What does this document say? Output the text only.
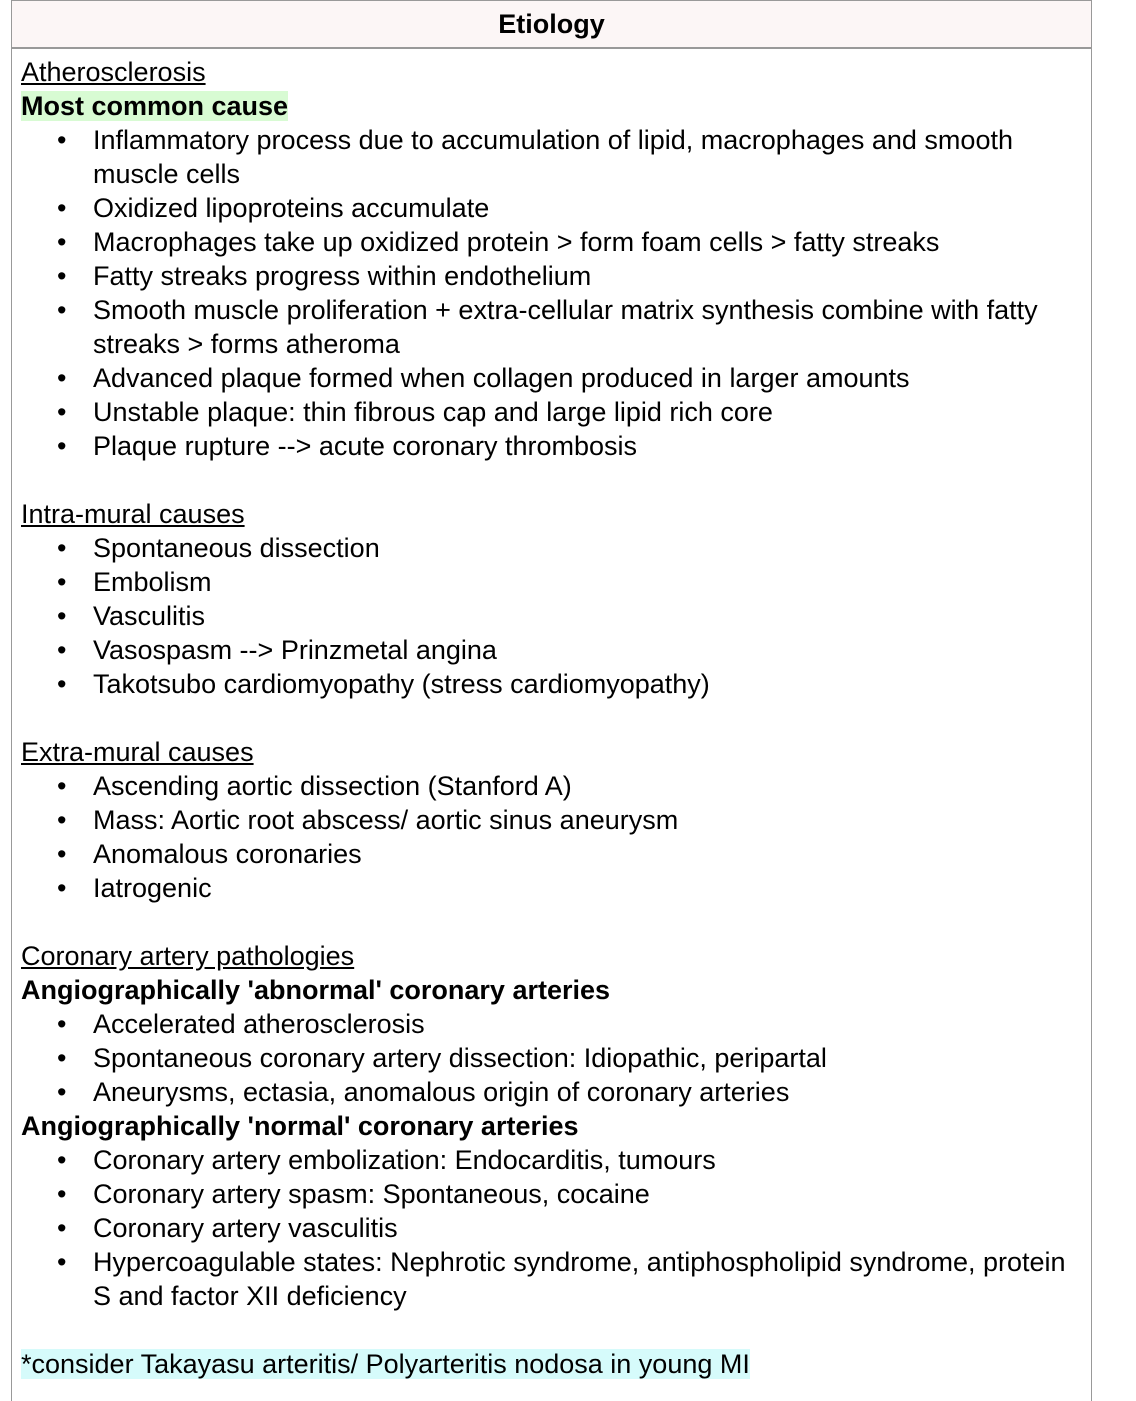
Etiology
Atherosclerosis
Most common cause
• Inflammatory process due to accumulation of lipid, macrophages and smooth muscle cells
• Oxidized lipoproteins accumulate
• Macrophages take up oxidized protein > form foam cells > fatty streaks
• Fatty streaks progress within endothelium
• Smooth muscle proliferation + extra-cellular matrix synthesis combine with fatty streaks > forms atheroma
• Advanced plaque formed when collagen produced in larger amounts
• Unstable plaque: thin fibrous cap and large lipid rich core
• Plaque rupture --> acute coronary thrombosis
Intra-mural causes
• Spontaneous dissection
• Embolism
• Vasculitis
• Vasospasm --> Prinzmetal angina
• Takotsubo cardiomyopathy (stress cardiomyopathy)
Extra-mural causes
• Ascending aortic dissection (Stanford A)
• Mass: Aortic root abscess/ aortic sinus aneurysm
• Anomalous coronaries
• Iatrogenic
Coronary artery pathologies
Angiographically 'abnormal' coronary arteries
• Accelerated atherosclerosis
• Spontaneous coronary artery dissection: Idiopathic, peripartal
• Aneurysms, ectasia, anomalous origin of coronary arteries
Angiographically 'normal' coronary arteries
• Coronary artery embolization: Endocarditis, tumours
• Coronary artery spasm: Spontaneous, cocaine
• Coronary artery vasculitis
• Hypercoagulable states: Nephrotic syndrome, antiphospholipid syndrome, protein S and factor XII deficiency
*consider Takayasu arteritis/ Polyarteritis nodosa in young MI
